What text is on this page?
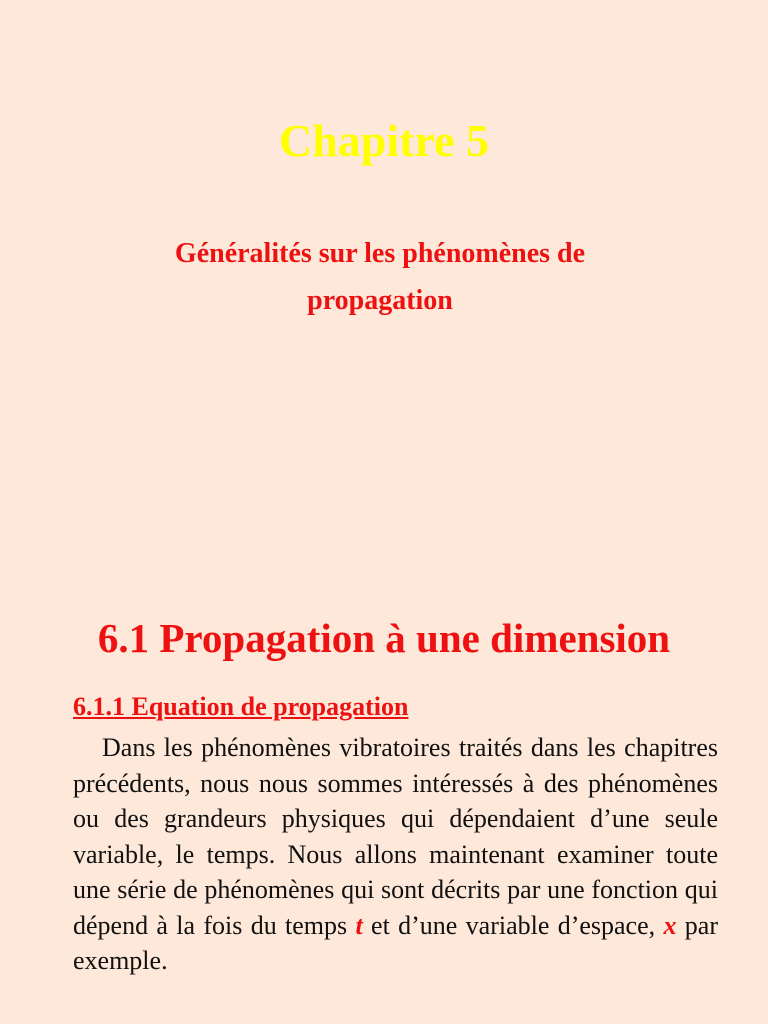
Chapitre 5
Généralités sur les phénomènes de propagation
6.1 Propagation à une dimension
6.1.1 Equation de propagation

Dans les phénomènes vibratoires traités dans les chapitres précédents, nous nous sommes intéressés à des phénomènes ou des grandeurs physiques qui dépendaient d’une seule variable, le temps. Nous allons maintenant examiner toute une série de phénomènes qui sont décrits par une fonction qui dépend à la fois du temps t et d’une variable d’espace, x par exemple.
